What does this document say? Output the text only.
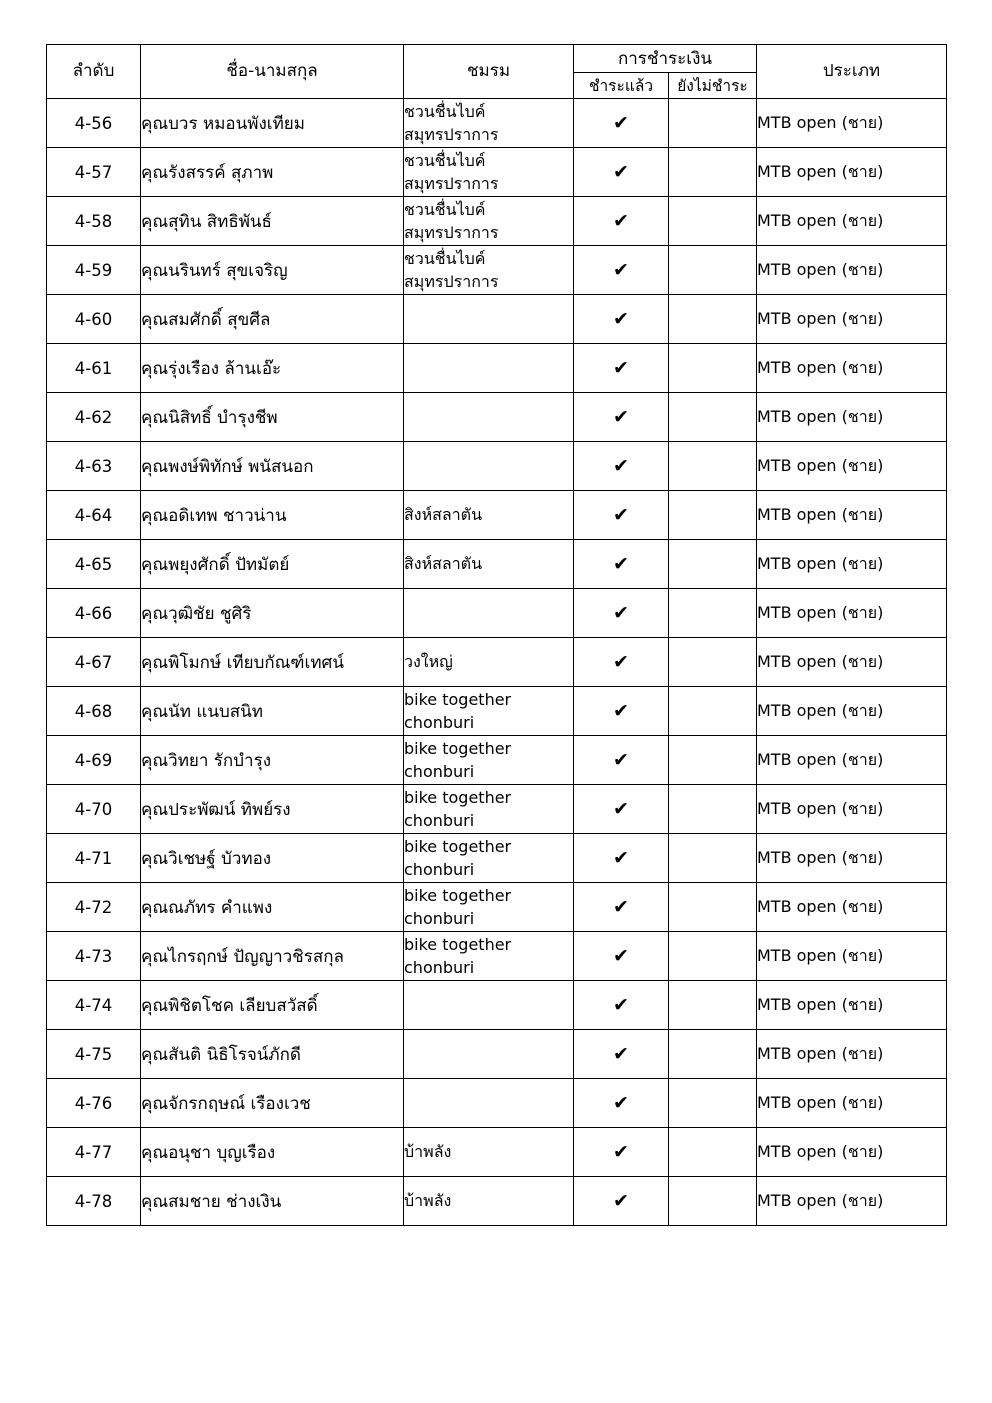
ลำดับ	ชื่อ-นามสกุล	ชมรม	การชำระเงิน		ประเภท
			ชำระแล้ว	ยังไม่ชำระ	
4-56	คุณบวร หมอนพังเทียม	ชวนชื่นไบค์
สมุทรปราการ	✔		MTB open (ชาย)
4-57	คุณรังสรรค์ สุภาพ	ชวนชื่นไบค์
สมุทรปราการ	✔		MTB open (ชาย)
4-58	คุณสุทิน สิทธิพันธ์	ชวนชื่นไบค์
สมุทรปราการ	✔		MTB open (ชาย)
4-59	คุณนรินทร์ สุขเจริญ	ชวนชื่นไบค์
สมุทรปราการ	✔		MTB open (ชาย)
4-60	คุณสมศักดิ์ สุขศีล		✔		MTB open (ชาย)
4-61	คุณรุ่งเรือง ล้านเอ๊ะ		✔		MTB open (ชาย)
4-62	คุณนิสิทธิ์ บำรุงชีพ		✔		MTB open (ชาย)
4-63	คุณพงษ์พิทักษ์ พนัสนอก		✔		MTB open (ชาย)
4-64	คุณอดิเทพ ชาวน่าน	สิงห์สลาตัน	✔		MTB open (ชาย)
4-65	คุณพยุงศักดิ์ ปัทมัตย์	สิงห์สลาตัน	✔		MTB open (ชาย)
4-66	คุณวุฒิชัย ชูศิริ		✔		MTB open (ชาย)
4-67	คุณพิโมกษ์ เทียบกัณฑ์เทศน์	วงใหญ่	✔		MTB open (ชาย)
4-68	คุณนัท แนบสนิท	bike together
chonburi	✔		MTB open (ชาย)
4-69	คุณวิทยา รักบำรุง	bike together
chonburi	✔		MTB open (ชาย)
4-70	คุณประพัฒน์ ทิพย์รง	bike together
chonburi	✔		MTB open (ชาย)
4-71	คุณวิเชษฐ์ บัวทอง	bike together
chonburi	✔		MTB open (ชาย)
4-72	คุณณภัทร คำแพง	bike together
chonburi	✔		MTB open (ชาย)
4-73	คุณไกรฤกษ์ ปัญญาวชิรสกุล	bike together
chonburi	✔		MTB open (ชาย)
4-74	คุณพิชิตโชค เลียบสวัสดิ์		✔		MTB open (ชาย)
4-75	คุณสันติ นิธิโรจน์ภักดี		✔		MTB open (ชาย)
4-76	คุณจักรกฤษณ์ เรืองเวช		✔		MTB open (ชาย)
4-77	คุณอนุชา บุญเรือง	บ้าพลัง	✔		MTB open (ชาย)
4-78	คุณสมชาย ช่างเงิน	บ้าพลัง	✔		MTB open (ชาย)
